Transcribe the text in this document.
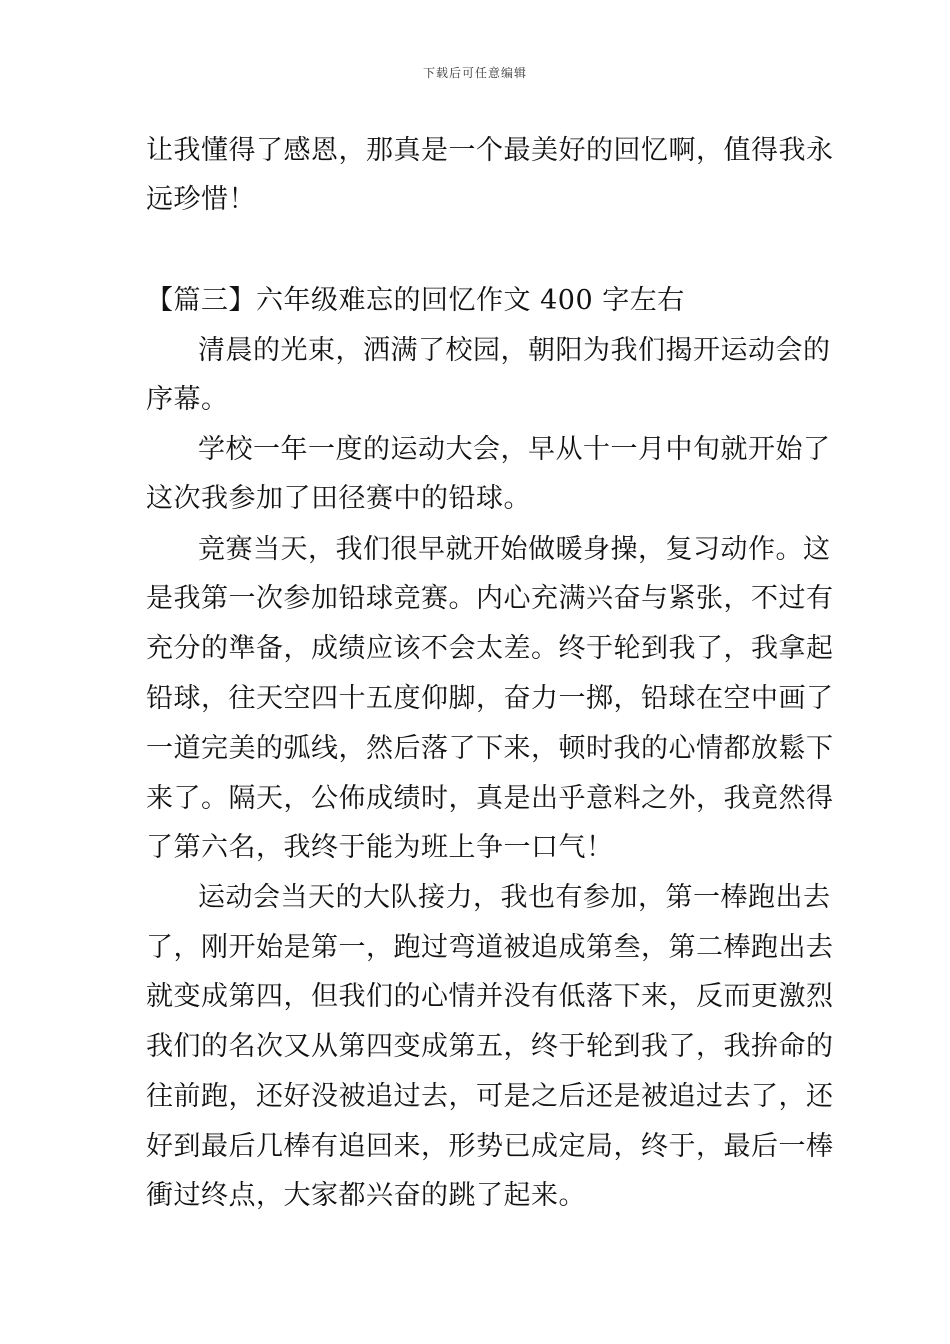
下载后可任意编辑
让我懂得了感恩，那真是一个最美好的回忆啊，值得我永
远珍惜！
【篇三】六年级难忘的回忆作文 400 字左右
清晨的光束，洒满了校园，朝阳为我们揭开运动会的
序幕。
学校一年一度的运动大会，早从十一月中旬就开始了
这次我参加了田径赛中的铅球。
竞赛当天，我们很早就开始做暖身操，复习动作。这
是我第一次参加铅球竞赛。内心充满兴奋与紧张，不过有
充分的準备，成绩应该不会太差。终于轮到我了，我拿起
铅球，往天空四十五度仰脚，奋力一掷，铅球在空中画了
一道完美的弧线，然后落了下来，顿时我的心情都放鬆下
来了。隔天，公佈成绩时，真是出乎意料之外，我竟然得
了第六名，我终于能为班上争一口气！
运动会当天的大队接力，我也有参加，第一棒跑出去
了，刚开始是第一，跑过弯道被追成第叁，第二棒跑出去
就变成第四，但我们的心情并没有低落下来，反而更激烈
我们的名次又从第四变成第五，终于轮到我了，我拚命的
往前跑，还好没被追过去，可是之后还是被追过去了，还
好到最后几棒有追回来，形势已成定局，终于，最后一棒
衝过终点，大家都兴奋的跳了起来。
